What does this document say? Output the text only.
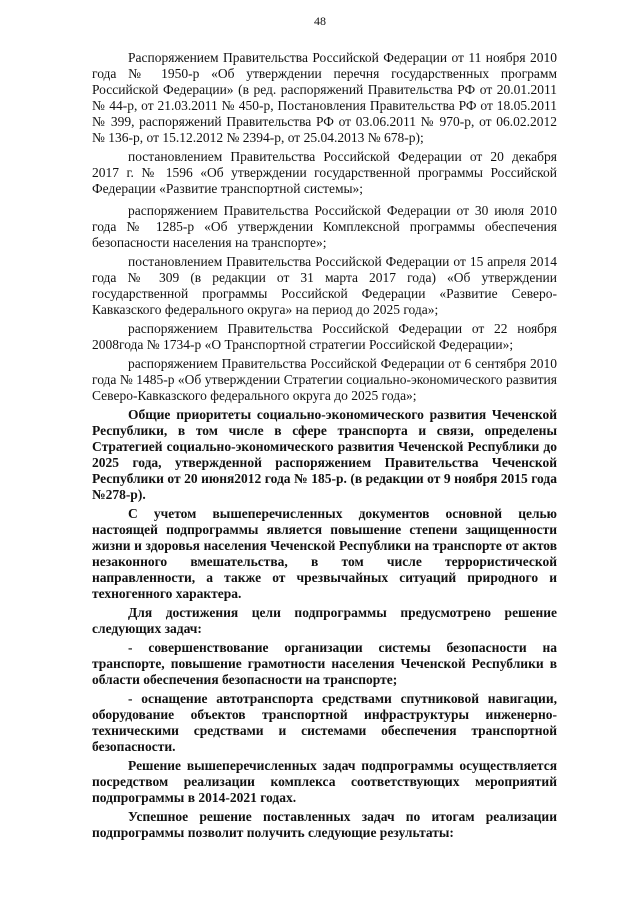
48

Распоряжением Правительства Российской Федерации от 11 ноября 2010 года № 1950-р «Об утверждении перечня государственных программ Российской Федерации» (в ред. распоряжений Правительства РФ от 20.01.2011 № 44-р, от 21.03.2011 № 450-р, Постановления Правительства РФ от 18.05.2011 № 399, распоряжений Правительства РФ от 03.06.2011 № 970-р, от 06.02.2012 № 136-р, от 15.12.2012 № 2394-р, от 25.04.2013 № 678-р);

постановлением Правительства Российской Федерации от 20 декабря 2017 г. № 1596 «Об утверждении государственной программы Российской Федерации «Развитие транспортной системы»;

распоряжением Правительства Российской Федерации от 30 июля 2010 года № 1285-р «Об утверждении Комплексной программы обеспечения безопасности населения на транспорте»;

постановлением Правительства Российской Федерации от 15 апреля 2014 года № 309 (в редакции от 31 марта 2017 года) «Об утверждении государственной программы Российской Федерации «Развитие Северо-Кавказского федерального округа» на период до 2025 года»;

распоряжением Правительства Российской Федерации от 22 ноября 2008года № 1734-р «О Транспортной стратегии Российской Федерации»;

распоряжением Правительства Российской Федерации от 6 сентября 2010 года № 1485-р «Об утверждении Стратегии социально-экономического развития Северо-Кавказского федерального округа до 2025 года»;

Общие приоритеты социально-экономического развития Чеченской Республики, в том числе в сфере транспорта и связи, определены Стратегией социально-экономического развития Чеченской Республики до 2025 года, утвержденной распоряжением Правительства Чеченской Республики от 20 июня2012 года № 185-р. (в редакции от 9 ноября 2015 года №278-р).

С учетом вышеперечисленных документов основной целью настоящей подпрограммы является повышение степени защищенности жизни и здоровья населения Чеченской Республики на транспорте от актов незаконного вмешательства, в том числе террористической направленности, а также от чрезвычайных ситуаций природного и техногенного характера.

Для достижения цели подпрограммы предусмотрено решение следующих задач:

- совершенствование организации системы безопасности на транспорте, повышение грамотности населения Чеченской Республики в области обеспечения безопасности на транспорте;

- оснащение автотранспорта средствами спутниковой навигации, оборудование объектов транспортной инфраструктуры инженерно-техническими средствами и системами обеспечения транспортной безопасности.

Решение вышеперечисленных задач подпрограммы осуществляется посредством реализации комплекса соответствующих мероприятий подпрограммы в 2014-2021 годах.

Успешное решение поставленных задач по итогам реализации подпрограммы позволит получить следующие результаты:
